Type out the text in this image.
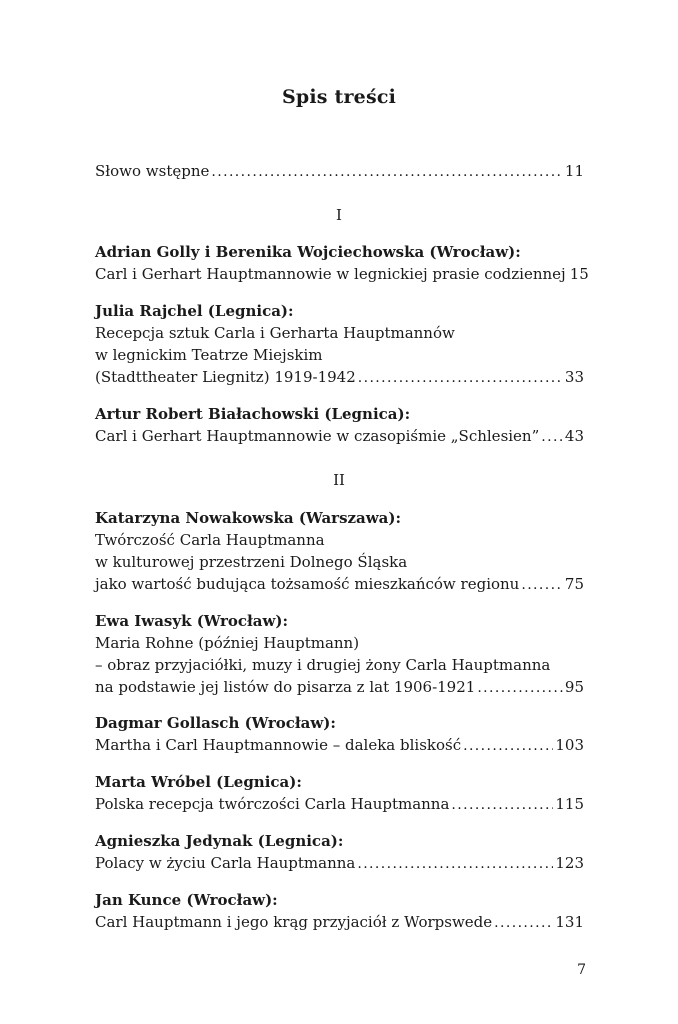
Spis treści
Słowo wstępne .....	11
I
Adrian Golly i Berenika Wojciechowska (Wrocław):
Carl i Gerhart Hauptmannowie w legnickiej prasie codziennej 15
Julia Rajchel (Legnica):
Recepcja sztuk Carla i Gerharta Hauptmannów
w legnickim Teatrze Miejskim
(Stadttheater Liegnitz) 1919-1942 .....	33
Artur Robert Białachowski (Legnica):
Carl i Gerhart Hauptmannowie w czasopiśmie „Schlesien” ..... 43
II
Katarzyna Nowakowska (Warszawa):
Twórczość Carla Hauptmanna
w kulturowej przestrzeni Dolnego Śląska
jako wartość budująca tożsamość mieszkańców regionu .....	75
Ewa Iwasyk (Wrocław):
Maria Rohne (później Hauptmann)
– obraz przyjaciółki, muzy i drugiej żony Carla Hauptmanna
na podstawie jej listów do pisarza z lat 1906-1921 .....	95
Dagmar Gollasch (Wrocław):
Martha i Carl Hauptmannowie – daleka bliskość .....	103
Marta Wróbel (Legnica):
Polska recepcja twórczości Carla Hauptmanna .....	115
Agnieszka Jedynak (Legnica):
Polacy w życiu Carla Hauptmanna .....	123
Jan Kunce (Wrocław):
Carl Hauptmann i jego krąg przyjaciół z Worpswede .....	131
7
